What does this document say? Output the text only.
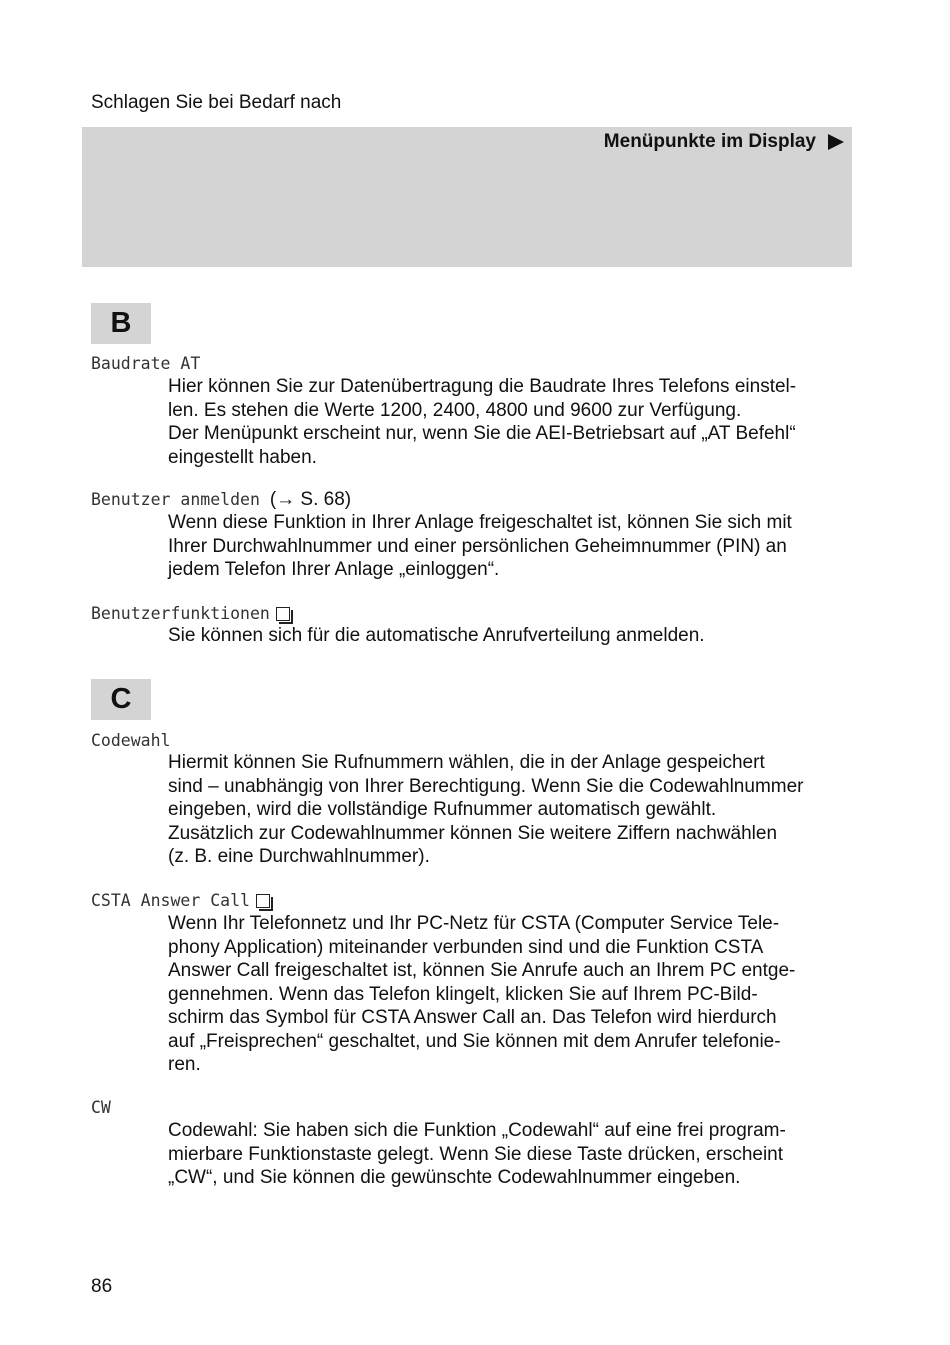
Schlagen Sie bei Bedarf nach
Menüpunkte im Display
B
Baudrate AT
Hier können Sie zur Datenübertragung die Baudrate Ihres Telefons einstel-
len. Es stehen die Werte 1200, 2400, 4800 und 9600 zur Verfügung.
Der Menüpunkt erscheint nur, wenn Sie die AEI-Betriebsart auf „AT Befehl“
eingestellt haben.
Benutzer anmelden (→ S. 68)
Wenn diese Funktion in Ihrer Anlage freigeschaltet ist, können Sie sich mit
Ihrer Durchwahlnummer und einer persönlichen Geheimnummer (PIN) an
jedem Telefon Ihrer Anlage „einloggen“.
Benutzerfunktionen
Sie können sich für die automatische Anrufverteilung anmelden.
C
Codewahl
Hiermit können Sie Rufnummern wählen, die in der Anlage gespeichert
sind – unabhängig von Ihrer Berechtigung. Wenn Sie die Codewahlnummer
eingeben, wird die vollständige Rufnummer automatisch gewählt.
Zusätzlich zur Codewahlnummer können Sie weitere Ziffern nachwählen
(z. B. eine Durchwahlnummer).
CSTA Answer Call
Wenn Ihr Telefonnetz und Ihr PC-Netz für CSTA (Computer Service Tele-
phony Application) miteinander verbunden sind und die Funktion CSTA
Answer Call freigeschaltet ist, können Sie Anrufe auch an Ihrem PC entge-
gennehmen. Wenn das Telefon klingelt, klicken Sie auf Ihrem PC-Bild-
schirm das Symbol für CSTA Answer Call an. Das Telefon wird hierdurch
auf „Freisprechen“ geschaltet, und Sie können mit dem Anrufer telefonie-
ren.
CW
Codewahl: Sie haben sich die Funktion „Codewahl“ auf eine frei program-
mierbare Funktionstaste gelegt. Wenn Sie diese Taste drücken, erscheint
„CW“, und Sie können die gewünschte Codewahlnummer eingeben.
86
